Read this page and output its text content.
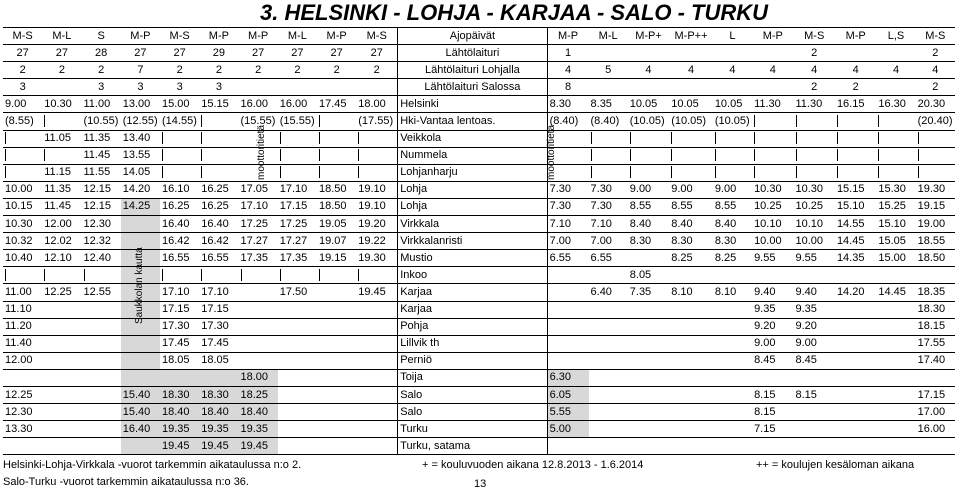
3. HELSINKI - LOHJA - KARJAA - SALO - TURKU
M-S	M-L	S	M-P	M-S	M-P	M-P	M-L	M-P	M-S	Ajopäivät	M-P	M-L	M-P+	M-P++	L	M-P	M-S	M-P	L,S	M-S
27	27	28	27	27	29	27	27	27	27	Lähtölaituri	1						2			2
2	2	2	7	2	2	2	2	2	2	Lähtölaituri Lohjalla	4	5	4	4	4	4	4	4	4	4
3		3	3	3	3					Lähtölaituri Salossa	8						2	2		2
9.00	10.30	11.00	13.00	15.00	15.15	16.00	16.00	17.45	18.00	Helsinki	8.30	8.35	10.05	10.05	10.05	11.30	11.30	16.15	16.30	20.30
(8.55)		(10.55)	(12.55)	(14.55)		(15.55)	(15.55)		(17.55)	Hki-Vantaa lentoas.	(8.40)	(8.40)	(10.05)	(10.05)	(10.05)					(20.40)
	11.05	11.35	13.40							Veikkola										
		11.45	13.55							Nummela										
	11.15	11.55	14.05							Lohjanharju										
10.00	11.35	12.15	14.20	16.10	16.25	17.05	17.10	18.50	19.10	Lohja	7.30	7.30	9.00	9.00	9.00	10.30	10.30	15.15	15.30	19.30
10.15	11.45	12.15	14.25	16.25	16.25	17.10	17.15	18.50	19.10	Lohja	7.30	7.30	8.55	8.55	8.55	10.25	10.25	15.10	15.25	19.15
10.30	12.00	12.30		16.40	16.40	17.25	17.25	19.05	19.20	Virkkala	7.10	7.10	8.40	8.40	8.40	10.10	10.10	14.55	15.10	19.00
10.32	12.02	12.32		16.42	16.42	17.27	17.27	19.07	19.22	Virkkalanristi	7.00	7.00	8.30	8.30	8.30	10.00	10.00	14.45	15.05	18.55
10.40	12.10	12.40		16.55	16.55	17.35	17.35	19.15	19.30	Mustio	6.55	6.55		8.25	8.25	9.55	9.55	14.35	15.00	18.50
										Inkoo			8.05							
11.00	12.25	12.55		17.10	17.10		17.50		19.45	Karjaa		6.40	7.35	8.10	8.10	9.40	9.40	14.20	14.45	18.35
11.10				17.15	17.15					Karjaa						9.35	9.35			18.30
11.20				17.30	17.30					Pohja						9.20	9.20			18.15
11.40				17.45	17.45					Lillvik th						9.00	9.00			17.55
12.00				18.05	18.05					Perniö						8.45	8.45			17.40
						18.00				Toija	6.30									
12.25			15.40	18.30	18.30	18.25				Salo	6.05					8.15	8.15			17.15
12.30			15.40	18.40	18.40	18.40				Salo	5.55					8.15				17.00
13.30			16.40	19.35	19.35	19.35				Turku	5.00					7.15				16.00
				19.45	19.45	19.45				Turku, satama										
moottoritietä	moottoritietä
Saukkolan kautta
Helsinki-Lohja-Virkkala -vuorot tarkemmin aikataulussa n:o 2.
Salo-Turku -vuorot tarkemmin aikataulussa n:o 36.
+ = kouluvuoden aikana 12.8.2013 - 1.6.2014	++ = koulujen kesäloman aikana
13
